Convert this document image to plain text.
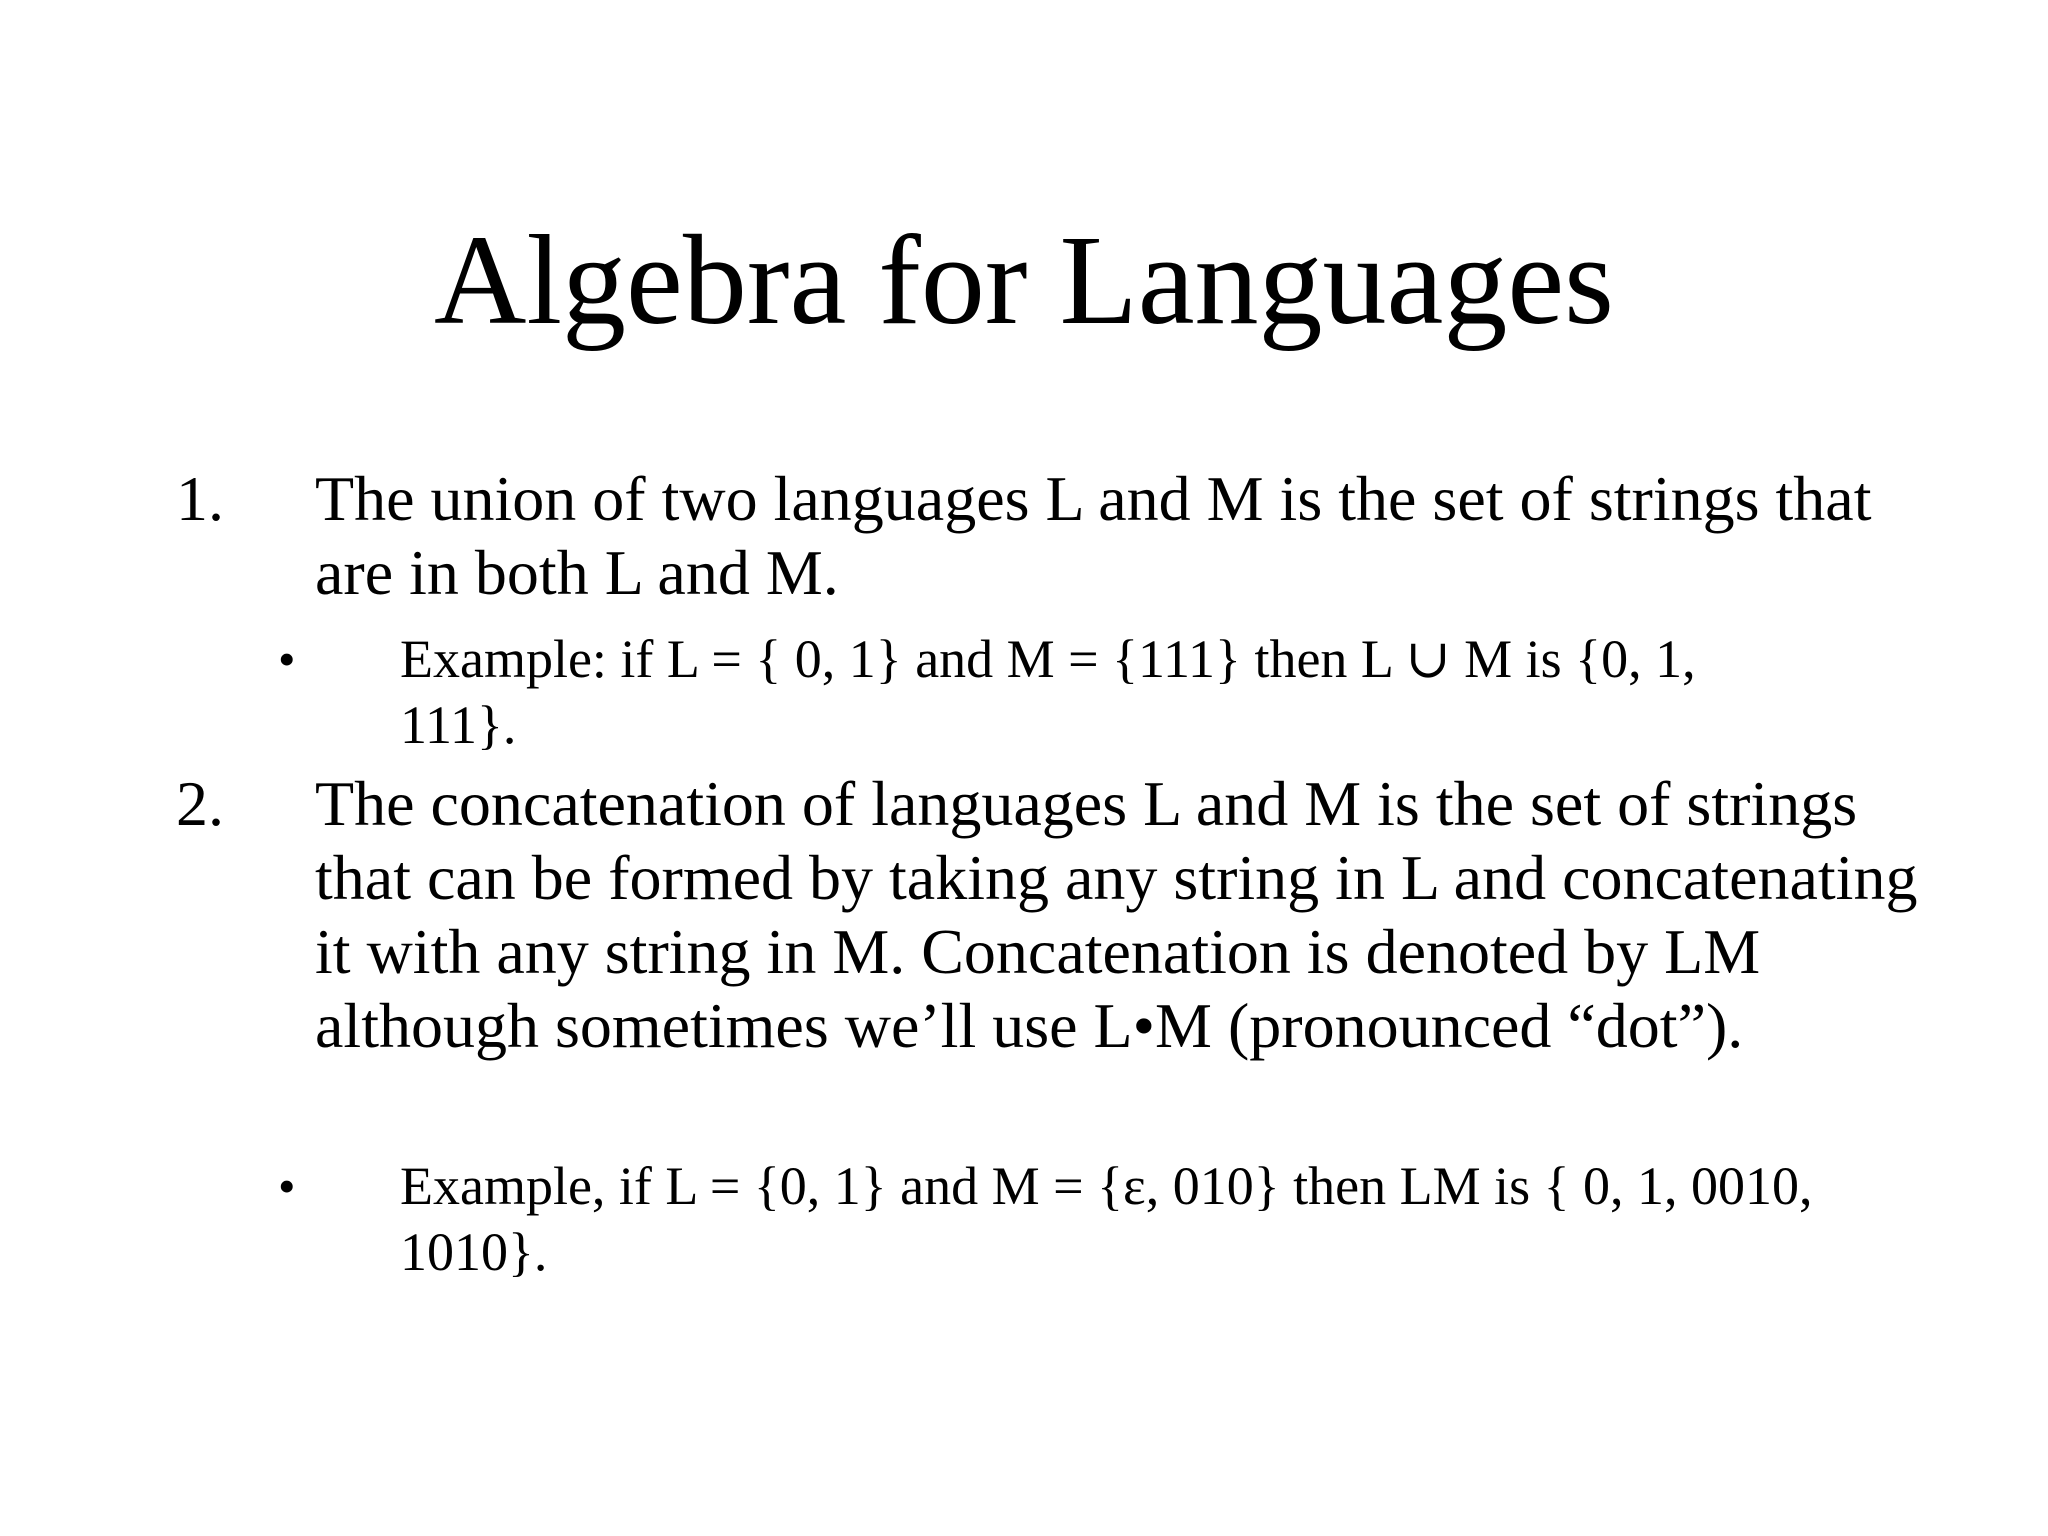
Algebra for Languages
1.	The union of two languages L and M is the set of strings that are in both L and M.

•	Example: if L = { 0, 1} and M = {111} then L ∪ M is {0, 1, 111}.

2.	The concatenation of languages L and M is the set of strings that can be formed by taking any string in L and concatenating it with any string in M. Concatenation is denoted by LM although sometimes we’ll use L•M (pronounced “dot”).

•	Example, if L = {0, 1} and M = {ε, 010} then LM is { 0, 1, 0010, 1010}.
